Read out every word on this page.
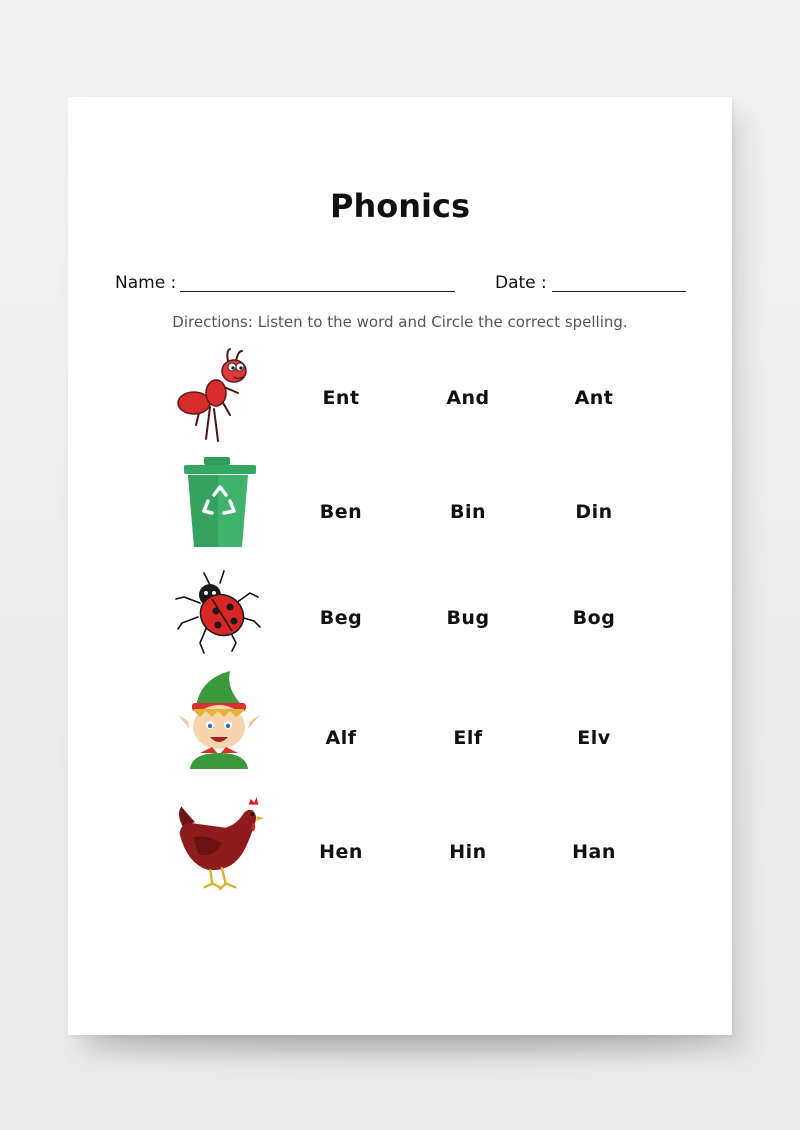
Phonics
Name :	Date :
Directions: Listen to the word and Circle the correct spelling.
Ent	And	Ant
Ben	Bin	Din
Beg	Bug	Bog
Alf	Elf	Elv
Hen	Hin	Han
